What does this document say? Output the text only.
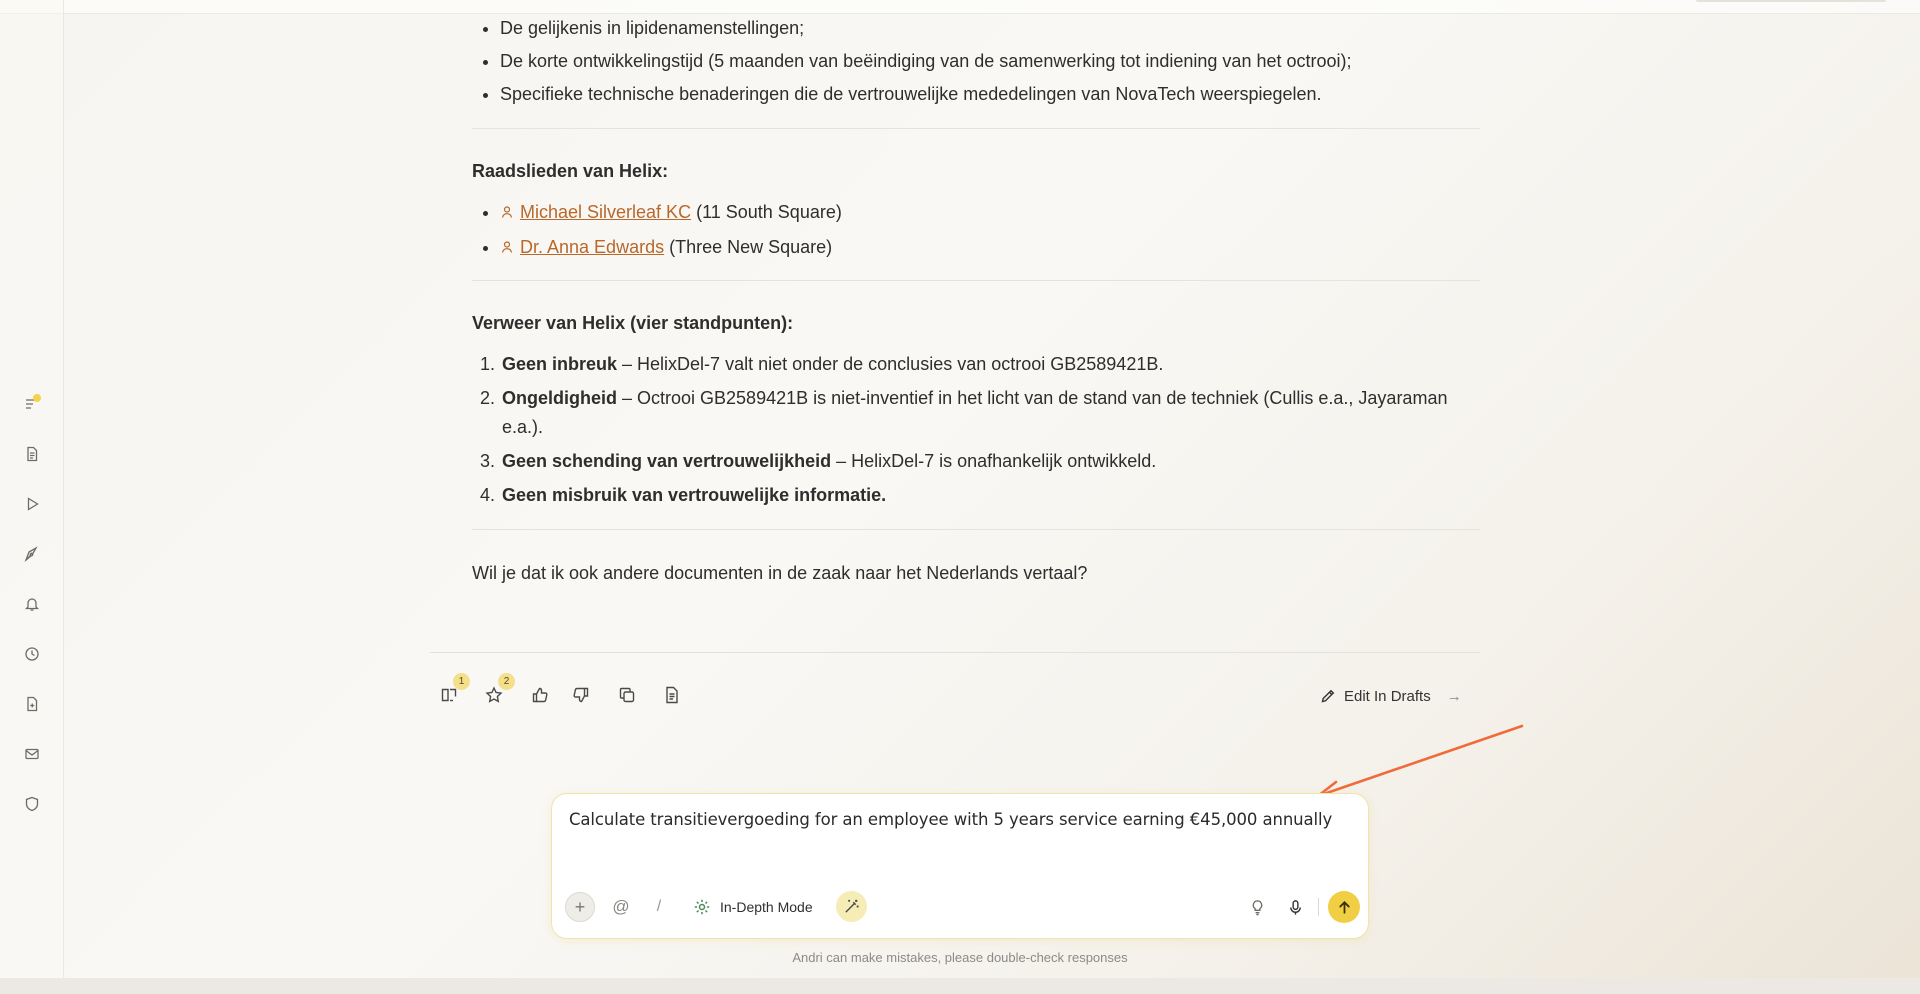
• De gelijkenis in lipidenamenstellingen;
• De korte ontwikkelingstijd (5 maanden van beëindiging van de samenwerking tot indiening van het octrooi);
• Specifieke technische benaderingen die de vertrouwelijke mededelingen van NovaTech weerspiegelen.
Raadslieden van Helix:
• Michael Silverleaf KC (11 South Square)
• Dr. Anna Edwards (Three New Square)
Verweer van Helix (vier standpunten):
1. Geen inbreuk – HelixDel-7 valt niet onder de conclusies van octrooi GB2589421B.
2. Ongeldigheid – Octrooi GB2589421B is niet-inventief in het licht van de stand van de techniek (Cullis e.a., Jayaraman e.a.).
3. Geen schending van vertrouwelijkheid – HelixDel-7 is onafhankelijk ontwikkeld.
4. Geen misbruik van vertrouwelijke informatie.
Wil je dat ik ook andere documenten in de zaak naar het Nederlands vertaal?
1	2
Edit In Drafts →
Calculate transitievergoeding for an employee with 5 years service earning €45,000 annually
+	@ /	In-Depth Mode
Andri can make mistakes, please double-check responses
